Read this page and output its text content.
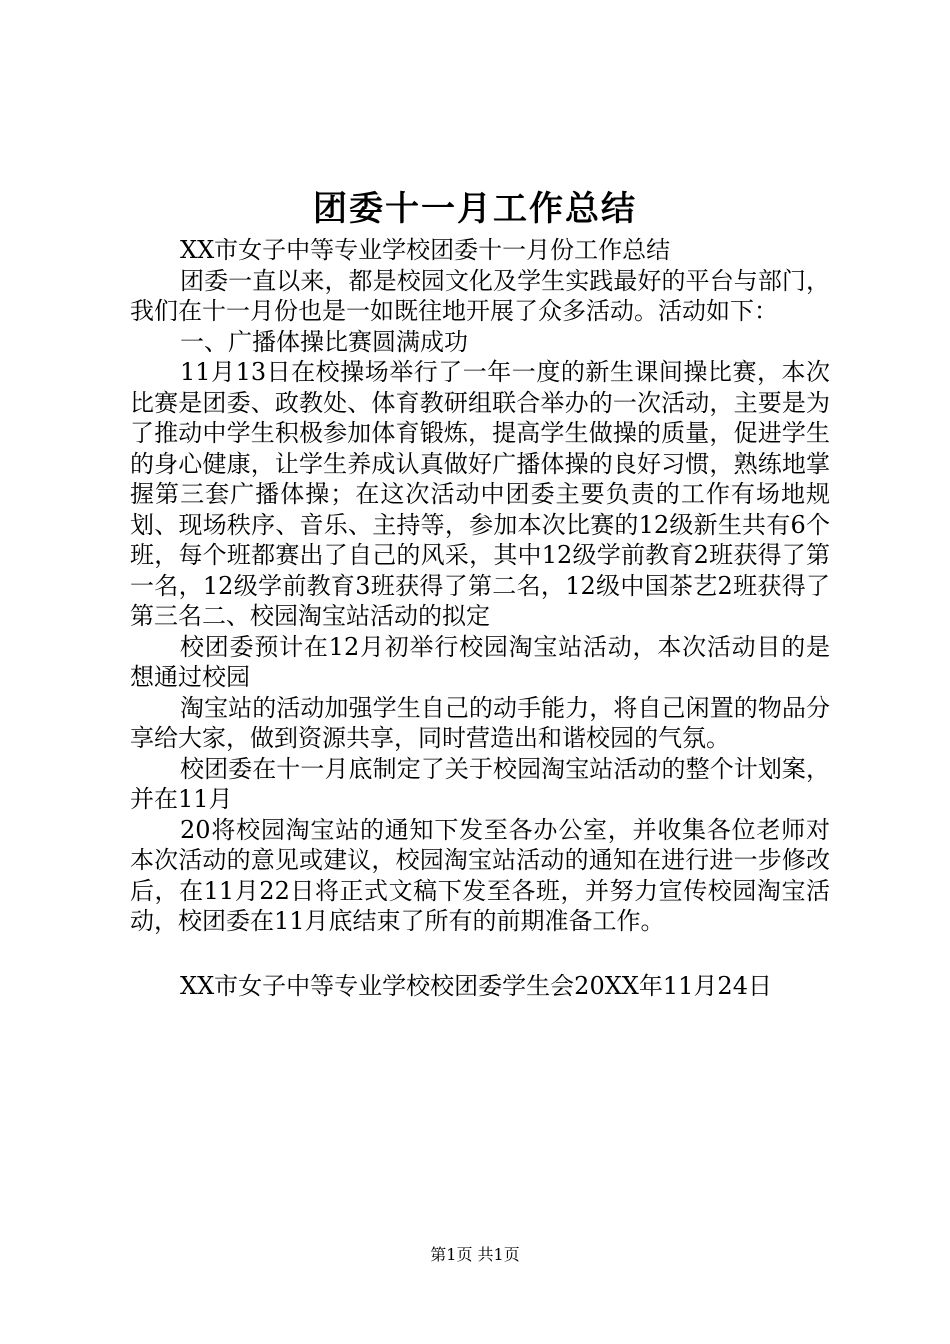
团委十一月工作总结

XX市女子中等专业学校团委十一月份工作总结

团委一直以来，都是校园文化及学生实践最好的平台与部门，我们在十一月份也是一如既往地开展了众多活动。活动如下：

一、广播体操比赛圆满成功

11月13日在校操场举行了一年一度的新生课间操比赛，本次比赛是团委、政教处、体育教研组联合举办的一次活动，主要是为了推动中学生积极参加体育锻炼，提高学生做操的质量，促进学生的身心健康，让学生养成认真做好广播体操的良好习惯，熟练地掌握第三套广播体操；在这次活动中团委主要负责的工作有场地规划、现场秩序、音乐、主持等，参加本次比赛的12级新生共有6个班，每个班都赛出了自己的风采，其中12级学前教育2班获得了第一名，12级学前教育3班获得了第二名，12级中国茶艺2班获得了第三名二、校园淘宝站活动的拟定

校团委预计在12月初举行校园淘宝站活动，本次活动目的是想通过校园

淘宝站的活动加强学生自己的动手能力，将自己闲置的物品分享给大家，做到资源共享，同时营造出和谐校园的气氛。

校团委在十一月底制定了关于校园淘宝站活动的整个计划案，并在11月

20将校园淘宝站的通知下发至各办公室，并收集各位老师对本次活动的意见或建议，校园淘宝站活动的通知在进行进一步修改后，在11月22日将正式文稿下发至各班，并努力宣传校园淘宝活动，校团委在11月底结束了所有的前期准备工作。

XX市女子中等专业学校校团委学生会20XX年11月24日

第1页 共1页
